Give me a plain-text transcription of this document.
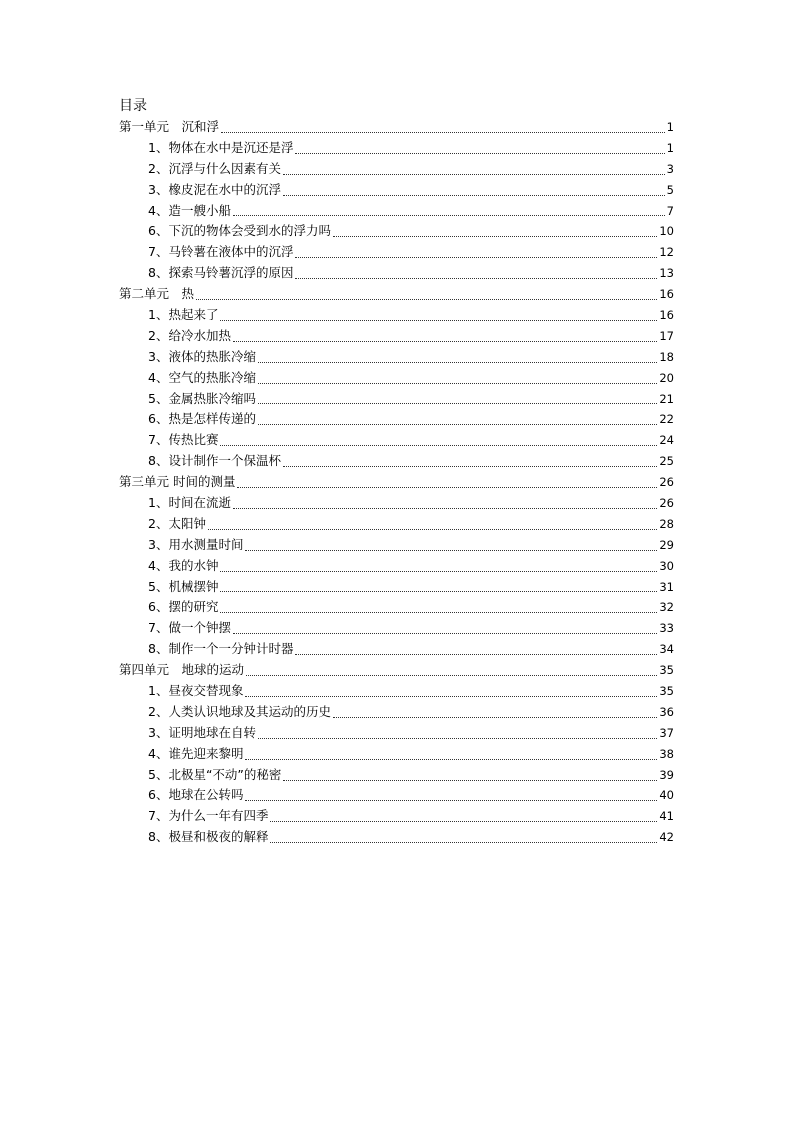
目录
第一单元　沉和浮	1
1、物体在水中是沉还是浮	1
2、沉浮与什么因素有关	3
3、橡皮泥在水中的沉浮	5
4、造一艘小船	7
6、下沉的物体会受到水的浮力吗	10
7、马铃薯在液体中的沉浮	12
8、探索马铃薯沉浮的原因	13
第二单元　热	16
1、热起来了	16
2、给冷水加热	17
3、液体的热胀冷缩	18
4、空气的热胀冷缩	20
5、金属热胀冷缩吗	21
6、热是怎样传递的	22
7、传热比赛	24
8、设计制作一个保温杯	25
第三单元 时间的测量	26
1、时间在流逝	26
2、太阳钟	28
3、用水测量时间	29
4、我的水钟	30
5、机械摆钟	31
6、摆的研究	32
7、做一个钟摆	33
8、制作一个一分钟计时器	34
第四单元　地球的运动	35
1、昼夜交替现象	35
2、人类认识地球及其运动的历史	36
3、证明地球在自转	37
4、谁先迎来黎明	38
5、北极星“不动”的秘密	39
6、地球在公转吗	40
7、为什么一年有四季	41
8、极昼和极夜的解释	42
